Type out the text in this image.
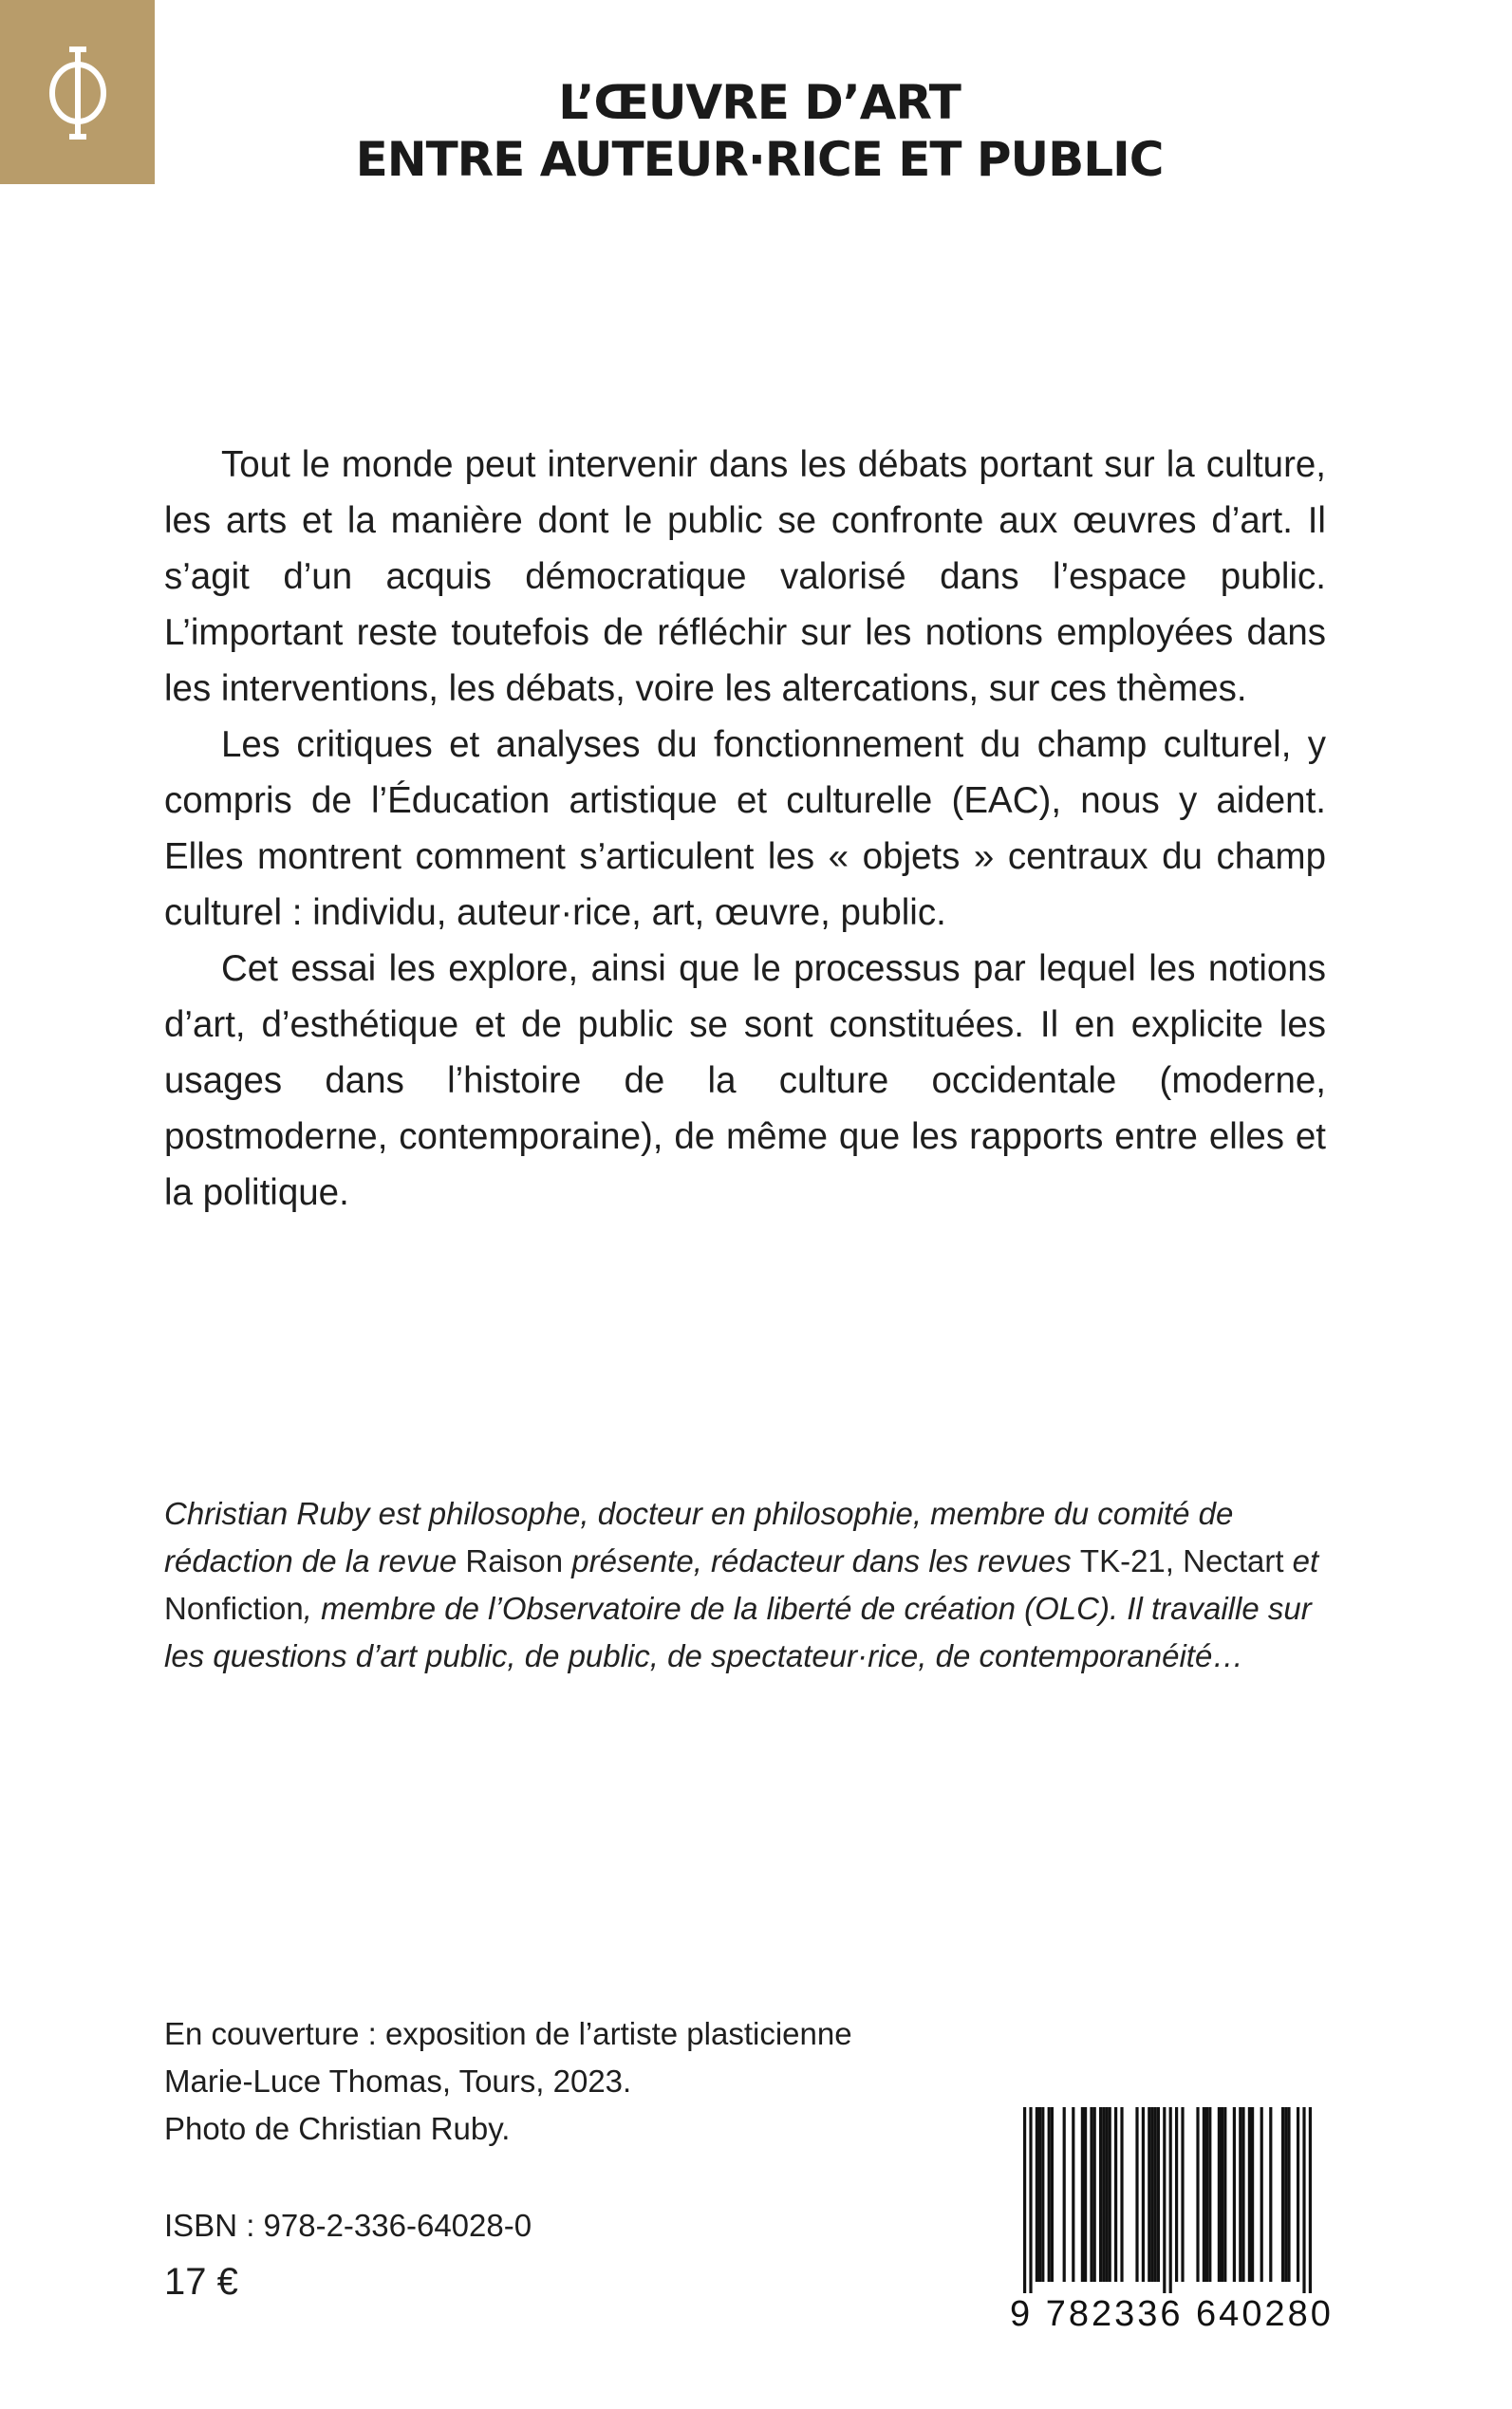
L’ŒUVRE D’ART
ENTRE AUTEUR·RICE ET PUBLIC

Tout le monde peut intervenir dans les débats portant sur la culture, les arts et la manière dont le public se confronte aux œuvres d’art. Il s’agit d’un acquis démocratique valorisé dans l’espace public. L’important reste toutefois de réfléchir sur les notions employées dans les interventions, les débats, voire les altercations, sur ces thèmes.

Les critiques et analyses du fonctionnement du champ culturel, y compris de l’Éducation artistique et culturelle (EAC), nous y aident. Elles montrent comment s’articulent les « objets » centraux du champ culturel : individu, auteur·rice, art, œuvre, public.

Cet essai les explore, ainsi que le processus par lequel les notions d’art, d’esthétique et de public se sont constituées. Il en explicite les usages dans l’histoire de la culture occidentale (moderne, postmoderne, contemporaine), de même que les rapports entre elles et la politique.

Christian Ruby est philosophe, docteur en philosophie, membre du comité de rédaction de la revue Raison présente, rédacteur dans les revues TK-21, Nectart et Nonfiction, membre de l’Observatoire de la liberté de création (OLC). Il travaille sur les questions d’art public, de public, de spectateur·rice, de contemporanéité…
En couverture : exposition de l’artiste plasticienne
Marie-Luce Thomas, Tours, 2023.
Photo de Christian Ruby.
ISBN : 978-2-336-64028-0
17 €
9 782336 640280
